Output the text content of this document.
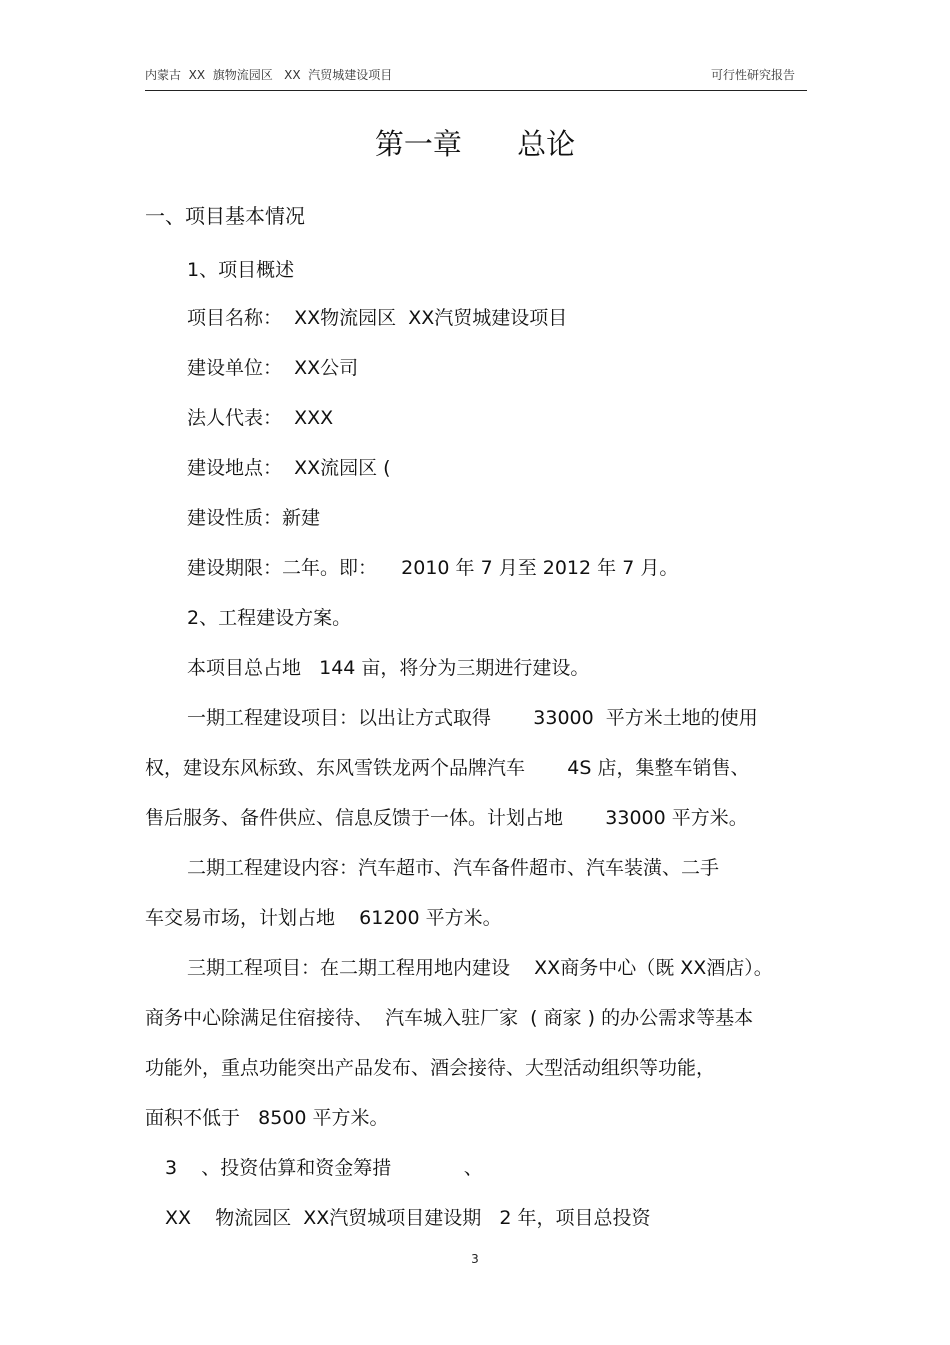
内蒙古  XX  旗物流园区   XX  汽贸城建设项目	可行性研究报告
第一章      总论
一、项目基本情况
1、项目概述
项目名称：  XX物流园区  XX汽贸城建设项目
建设单位：  XX公司
法人代表：  XXX
建设地点：  XX流园区 (
建设性质：新建
建设期限：二年。即：    2010 年 7 月至 2012 年 7 月。
2、工程建设方案。
本项目总占地   144 亩，将分为三期进行建设。
一期工程建设项目：以出让方式取得       33000  平方米土地的使用
权，建设东风标致、东风雪铁龙两个品牌汽车       4S 店，集整车销售、
售后服务、备件供应、信息反馈于一体。计划占地       33000 平方米。
二期工程建设内容：汽车超市、汽车备件超市、汽车装潢、二手
车交易市场，计划占地    61200 平方米。
三期工程项目：在二期工程用地内建设    XX商务中心（既 XX酒店）。
商务中心除满足住宿接待、  汽车城入驻厂家  ( 商家 ) 的办公需求等基本
功能外，重点功能突出产品发布、酒会接待、大型活动组织等功能，
面积不低于   8500 平方米。
3    、投资估算和资金筹措            、
XX    物流园区  XX汽贸城项目建设期   2 年，项目总投资
3
